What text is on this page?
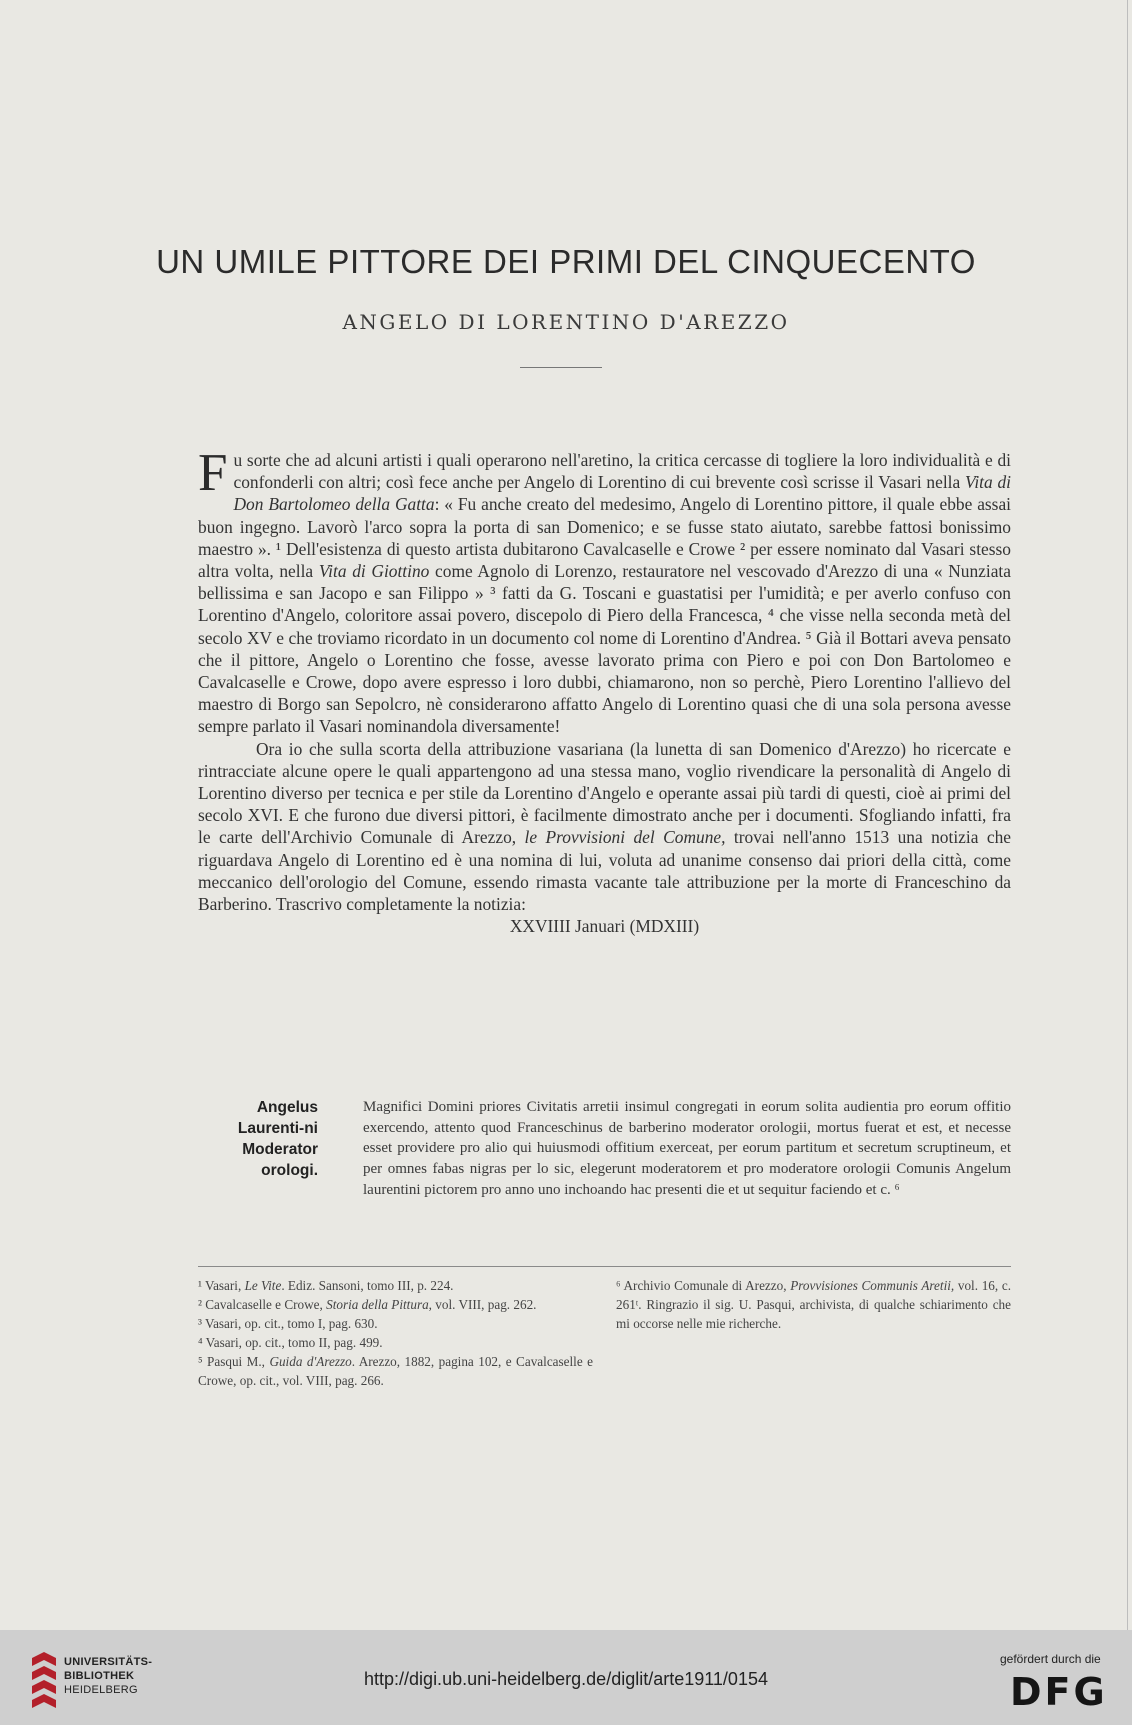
UN UMILE PITTORE DEI PRIMI DEL CINQUECENTO
ANGELO DI LORENTINO D'AREZZO

Fu sorte che ad alcuni artisti i quali operarono nell'aretino, la critica cercasse di togliere la loro individualità e di confonderli con altri; così fece anche per Angelo di Lorentino di cui brevente così scrisse il Vasari nella Vita di Don Bartolomeo della Gatta: « Fu anche creato del medesimo, Angelo di Lorentino pittore, il quale ebbe assai buon ingegno. Lavorò l'arco sopra la porta di san Domenico; e se fusse stato aiutato, sarebbe fattosi bonissimo maestro ». ¹ Dell'esistenza di questo artista dubitarono Cavalcaselle e Crowe ² per essere nominato dal Vasari stesso altra volta, nella Vita di Giottino come Agnolo di Lorenzo, restauratore nel vescovado d'Arezzo di una « Nunziata bellissima e san Jacopo e san Filippo » ³ fatti da G. Toscani e guastatisi per l'umidità; e per averlo confuso con Lorentino d'Angelo, coloritore assai povero, discepolo di Piero della Francesca, ⁴ che visse nella seconda metà del secolo XV e che troviamo ricordato in un documento col nome di Lorentino d'Andrea. ⁵ Già il Bottari aveva pensato che il pittore, Angelo o Lorentino che fosse, avesse lavorato prima con Piero e poi con Don Bartolomeo e Cavalcaselle e Crowe, dopo avere espresso i loro dubbi, chiamarono, non so perchè, Piero Lorentino l'allievo del maestro di Borgo san Sepolcro, nè considerarono affatto Angelo di Lorentino quasi che di una sola persona avesse sempre parlato il Vasari nominandola diversamente!

Ora io che sulla scorta della attribuzione vasariana (la lunetta di san Domenico d'Arezzo) ho ricercate e rintracciate alcune opere le quali appartengono ad una stessa mano, voglio rivendicare la personalità di Angelo di Lorentino diverso per tecnica e per stile da Lorentino d'Angelo e operante assai più tardi di questi, cioè ai primi del secolo XVI. E che furono due diversi pittori, è facilmente dimostrato anche per i documenti. Sfogliando infatti, fra le carte dell'Archivio Comunale di Arezzo, le Provvisioni del Comune, trovai nell'anno 1513 una notizia che riguardava Angelo di Lorentino ed è una nomina di lui, voluta ad unanime consenso dai priori della città, come meccanico dell'orologio del Comune, essendo rimasta vacante tale attribuzione per la morte di Franceschino da Barberino. Trascrivo completamente la notizia:

XXVIIII Januari (MDXIII)

Angelus Laurenti-ni Moderator orologi.
Magnifici Domini priores Civitatis arretii insimul congregati in eorum solita audientia pro eorum offitio exercendo, attento quod Franceschinus de barberino moderator orologii, mortus fuerat et est, et necesse esset providere pro alio qui huiusmodi offitium exerceat, per eorum partitum et secretum scruptineum, et per omnes fabas nigras per lo sic, elegerunt moderatorem et pro moderatore orologii Comunis Angelum laurentini pictorem pro anno uno inchoando hac presenti die et ut sequitur faciendo et c. ⁶

¹ Vasari, Le Vite. Ediz. Sansoni, tomo III, p. 224.

² Cavalcaselle e Crowe, Storia della Pittura, vol. VIII, pag. 262.

³ Vasari, op. cit., tomo I, pag. 630.

⁴ Vasari, op. cit., tomo II, pag. 499.

⁵ Pasqui M., Guida d'Arezzo. Arezzo, 1882, pagina 102, e Cavalcaselle e Crowe, op. cit., vol. VIII, pag. 266.

⁶ Archivio Comunale di Arezzo, Provvisiones Communis Aretii, vol. 16, c. 261ᵗ. Ringrazio il sig. U. Pasqui, archivista, di qualche schiarimento che mi occorse nelle mie richerche.

UNIVERSITÄTS-
BIBLIOTHEK
HEIDELBERG
http://digi.ub.uni-heidelberg.de/diglit/arte1911/0154
gefördert durch die
DFG
